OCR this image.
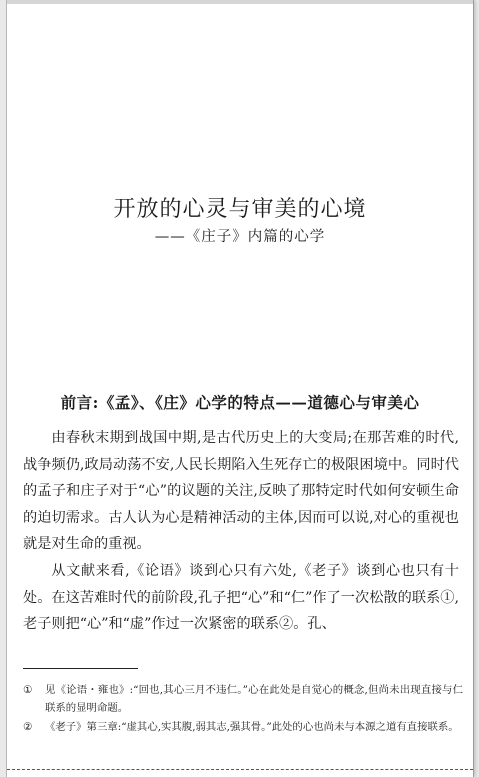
开放的心灵与审美的心境
——《庄子》内篇的心学
前言:《孟》、《庄》心学的特点——道德心与审美心

由春秋末期到战国中期,是古代历史上的大变局;在那苦难的时代,战争频仍,政局动荡不安,人民长期陷入生死存亡的极限困境中。同时代的孟子和庄子对于“心”的议题的关注,反映了那特定时代如何安顿生命的迫切需求。古人认为心是精神活动的主体,因而可以说,对心的重视也就是对生命的重视。

从文献来看,《论语》谈到心只有六处,《老子》谈到心也只有十处。在这苦难时代的前阶段,孔子把“心”和“仁”作了一次松散的联系①,老子则把“心”和“虚”作过一次紧密的联系②。孔、

①	见《论语・雍也》:“回也,其心三月不违仁。”心在此处是自觉心的概念,但尚未出现直接与仁联系的显明命题。
②	《老子》第三章:“虚其心,实其腹,弱其志,强其骨。”此处的心也尚未与本源之道有直接联系。
